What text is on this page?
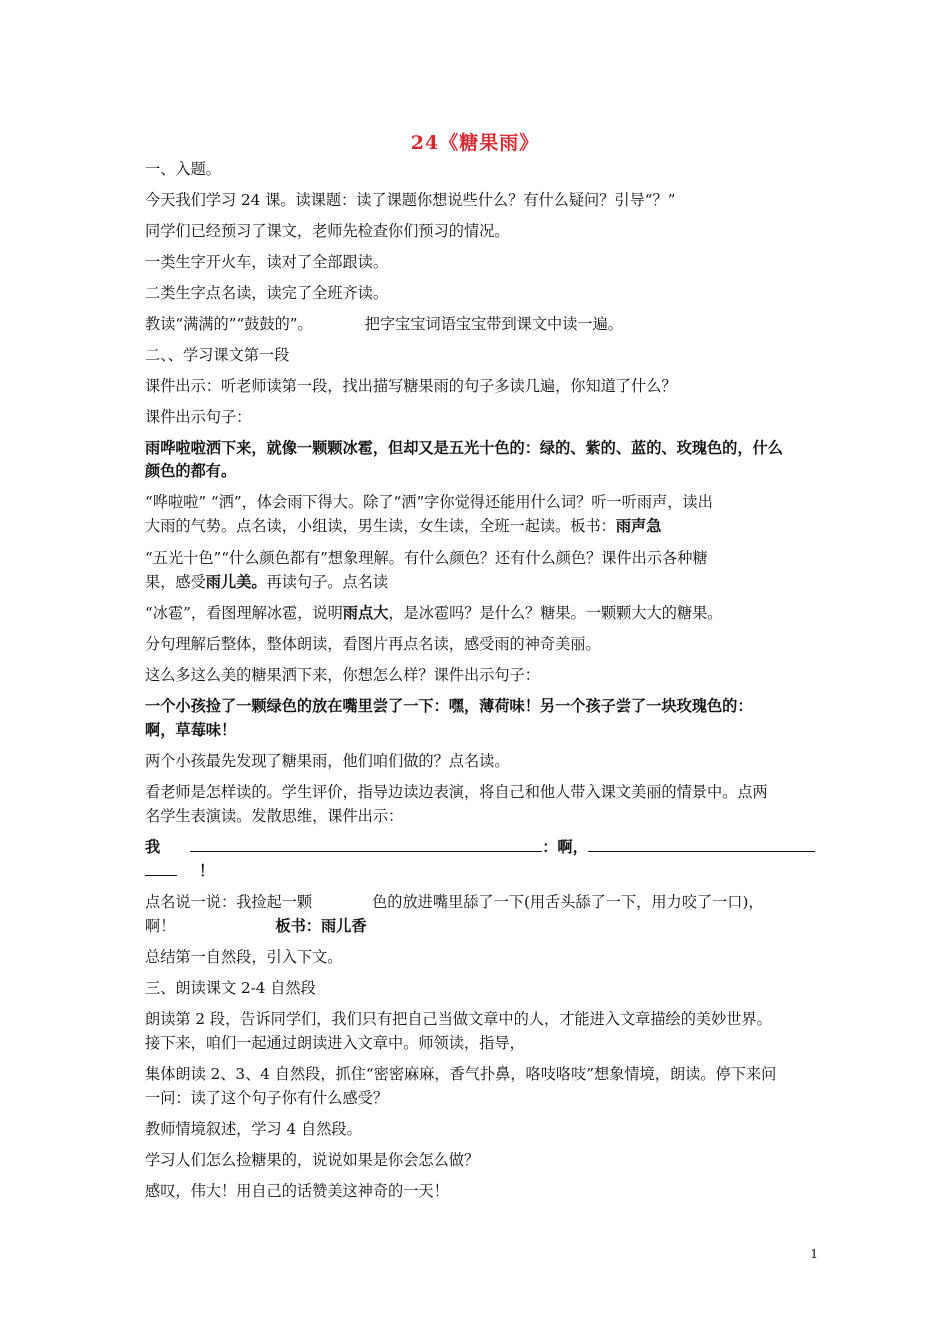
24《糖果雨》
一、入题。
今天我们学习 24 课。读课题：读了课题你想说些什么？有什么疑问？引导“？”
同学们已经预习了课文，老师先检查你们预习的情况。
一类生字开火车，读对了全部跟读。
二类生字点名读，读完了全班齐读。
教读“满满的”“鼓鼓的”。	把字宝宝词语宝宝带到课文中读一遍。
二、、学习课文第一段
课件出示：听老师读第一段，找出描写糖果雨的句子多读几遍，你知道了什么？
课件出示句子：
雨哗啦啦洒下来，就像一颗颗冰雹，但却又是五光十色的：绿的、紫的、蓝的、玫瑰色的，什么
颜色的都有。
“哗啦啦” “洒”，体会雨下得大。除了“洒”字你觉得还能用什么词？听一听雨声，读出
大雨的气势。点名读，小组读，男生读，女生读，全班一起读。板书：雨声急
“五光十色”“什么颜色都有”想象理解。有什么颜色？还有什么颜色？课件出示各种糖
果，感受雨儿美。再读句子。点名读
“冰雹”，看图理解冰雹，说明雨点大，是冰雹吗？是什么？糖果。一颗颗大大的糖果。
分句理解后整体，整体朗读，看图片再点名读，感受雨的神奇美丽。
这么多这么美的糖果洒下来，你想怎么样？课件出示句子：
一个小孩捡了一颗绿色的放在嘴里尝了一下：嘿，薄荷味！另一个孩子尝了一块玫瑰色的：
啊，草莓味！
两个小孩最先发现了糖果雨，他们咱们做的？点名读。
看老师是怎样读的。学生评价，指导边读边表演，将自己和他人带入课文美丽的情景中。点两
名学生表演读。发散思维，课件出示：
我	：啊，
！
点名说一说：我捡起一颗	色的放进嘴里舔了一下(用舌头舔了一下，用力咬了一口)，
啊！	板书：雨儿香
总结第一自然段，引入下文。
三、朗读课文 2-4 自然段
朗读第 2 段，告诉同学们，我们只有把自己当做文章中的人，才能进入文章描绘的美妙世界。
接下来，咱们一起通过朗读进入文章中。师领读，指导，
集体朗读 2、3、4 自然段，抓住“密密麻麻，香气扑鼻，咯吱咯吱”想象情境，朗读。停下来问
一问：读了这个句子你有什么感受？
教师情境叙述，学习 4 自然段。
学习人们怎么捡糖果的，说说如果是你会怎么做？
感叹，伟大！用自己的话赞美这神奇的一天！
1
